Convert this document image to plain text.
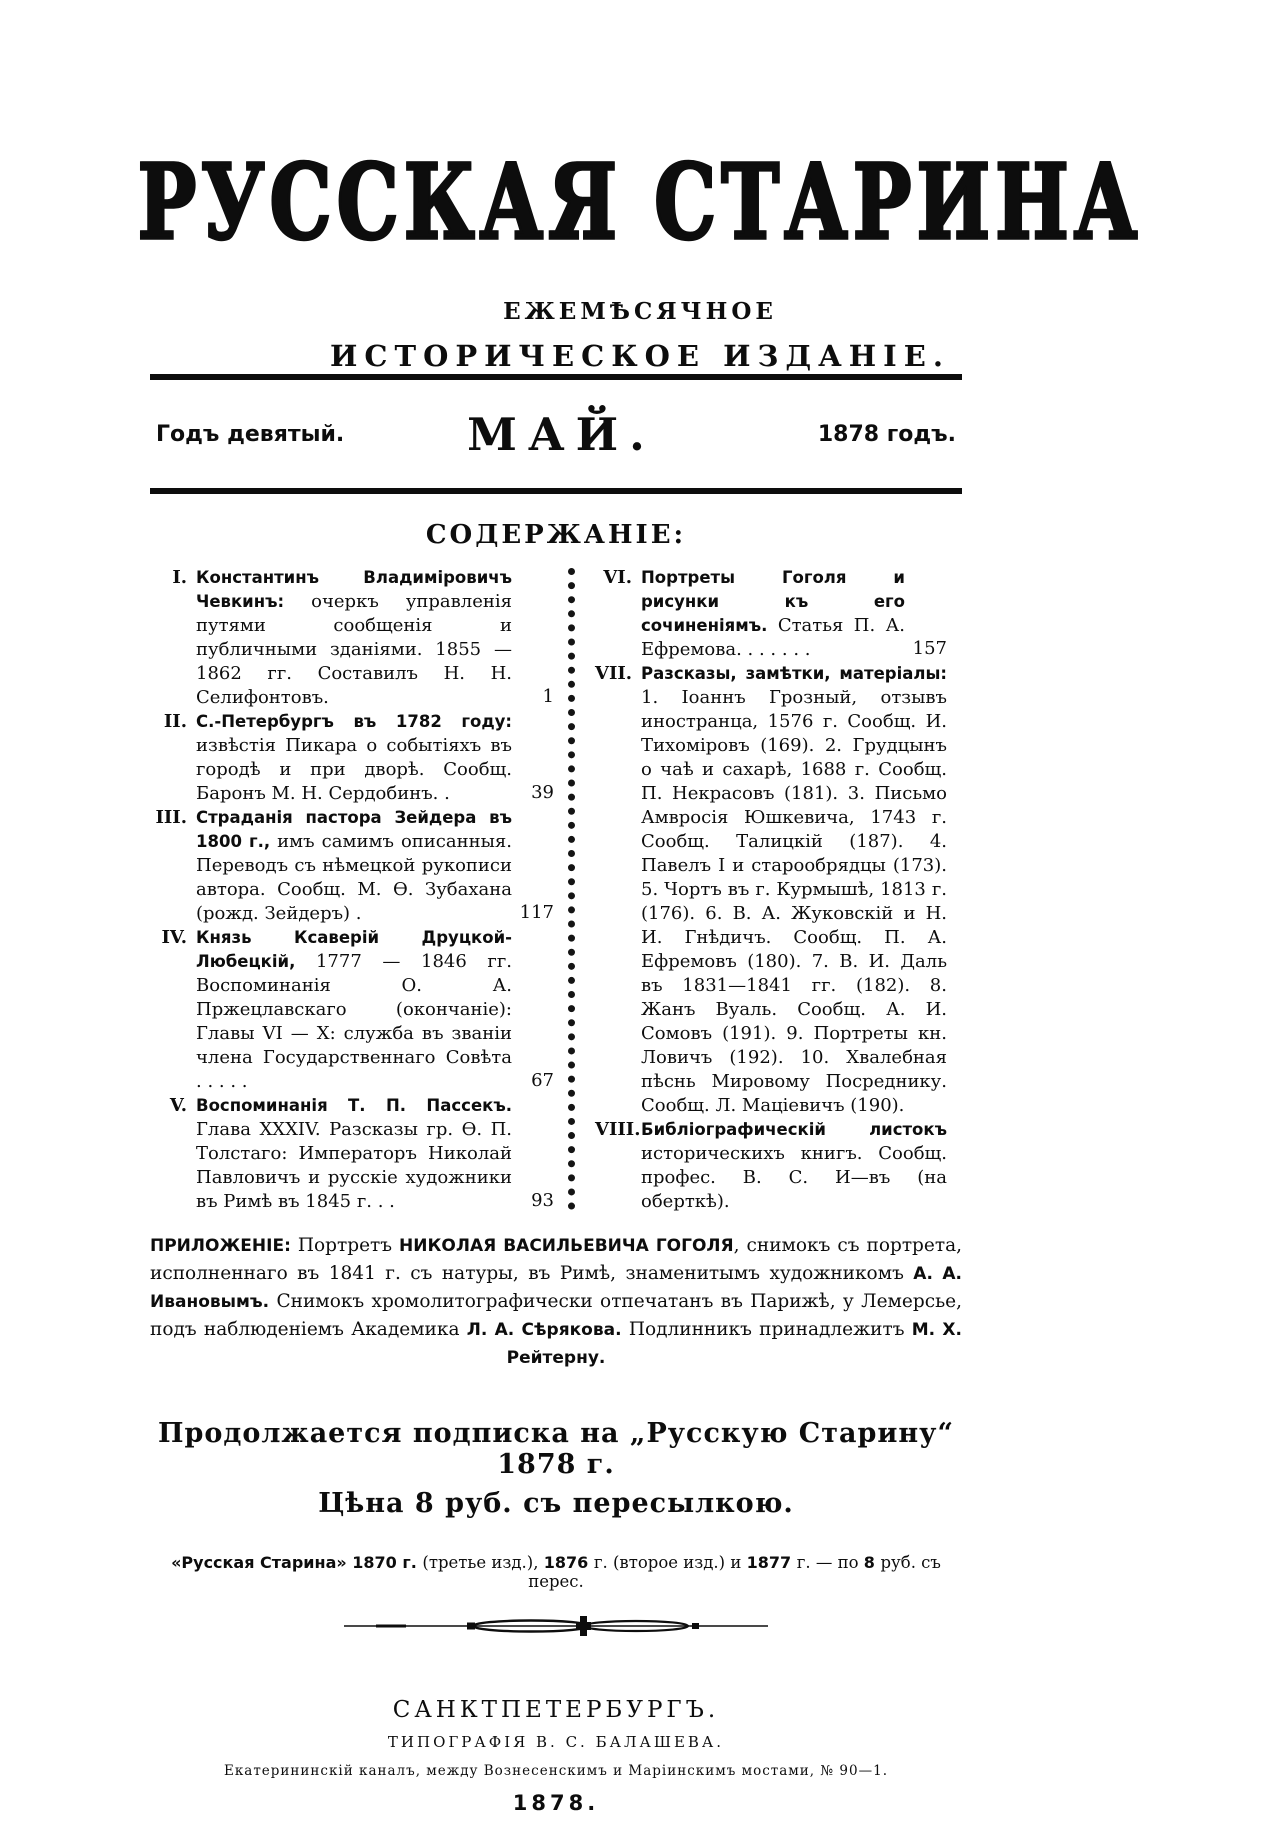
РУССКАЯ СТАРИНА
ЕЖЕМѢСЯЧНОЕ
ИСТОРИЧЕСКОЕ ИЗДАНІЕ.
Годъ девятый.	МАЙ.	1878 годъ.
СОДЕРЖАНІЕ:
I. Константинъ Владиміровичъ Чевкинъ: очеркъ управленія путями сообщенія и публичными зданіями. 1855 — 1862 гг. Составилъ Н. Н. Селифонтовъ.	1
II. С.-Петербургъ въ 1782 году: извѣстія Пикара о событіяхъ въ городѣ и при дворѣ. Сообщ. Баронъ М. Н. Сердобинъ. .	39
III. Страданія пастора Зейдера въ 1800 г., имъ самимъ описанныя. Переводъ съ нѣмецкой рукописи автора. Сообщ. М. Ѳ. Зубахана (рожд. Зейдеръ) .	117
IV. Князь Ксаверій Друцкой-Любецкій, 1777 — 1846 гг. Воспоминанія О. А. Пржецлавскаго (окончаніе): Главы VI — X: служба въ званіи члена Государственнаго Совѣта . . . . .	67
V. Воспоминанія Т. П. Пассекъ. Глава XXXIV. Разсказы гр. Ѳ. П. Толстаго: Императоръ Николай Павловичъ и русскіе художники въ Римѣ въ 1845 г. . .	93
VI. Портреты Гоголя и рисунки къ его сочиненіямъ. Статья П. А. Ефремова. . . . . . .	157
VII. Разсказы, замѣтки, матеріалы: 1. Іоаннъ Грозный, отзывъ иностранца, 1576 г. Сообщ. И. Тихоміровъ (169). 2. Грудцынъ о чаѣ и сахарѣ, 1688 г. Сообщ. П. Некрасовъ (181). 3. Письмо Амвросія Юшкевича, 1743 г. Сообщ. Талицкій (187). 4. Павелъ I и старообрядцы (173). 5. Чортъ въ г. Курмышѣ, 1813 г. (176). 6. В. А. Жуковскій и Н. И. Гнѣдичъ. Сообщ. П. А. Ефремовъ (180). 7. В. И. Даль въ 1831—1841 гг. (182). 8. Жанъ Вуаль. Сообщ. А. И. Сомовъ (191). 9. Портреты кн. Ловичъ (192). 10. Хвалебная пѣснь Мировому Посреднику. Сообщ. Л. Маціевичъ (190).
VIII. Библіографическій листокъ историческихъ книгъ. Сообщ. профес. В. С. И—въ (на оберткѣ).

ПРИЛОЖЕНІЕ: Портретъ НИКОЛАЯ ВАСИЛЬЕВИЧА ГОГОЛЯ, снимокъ съ портрета, исполненнаго въ 1841 г. съ натуры, въ Римѣ, знаменитымъ художникомъ А. А. Ивановымъ. Снимокъ хромолитографически отпечатанъ въ Парижѣ, у Лемерсье, подъ наблюденіемъ Академика Л. А. Сѣрякова. Подлинникъ принадлежитъ М. Х. Рейтерну.

Продолжается подписка на „Русскую Старину“ 1878 г.
Цѣна 8 руб. съ пересылкою.
«Русская Старина» 1870 г. (третье изд.), 1876 г. (второе изд.) и 1877 г. — по 8 руб. съ перес.
САНКТПЕТЕРБУРГЪ.
ТИПОГРАФІЯ В. С. БАЛАШЕВА.
Екатерининскій каналъ, между Вознесенскимъ и Маріинскимъ мостами, № 90—1.
1878.
